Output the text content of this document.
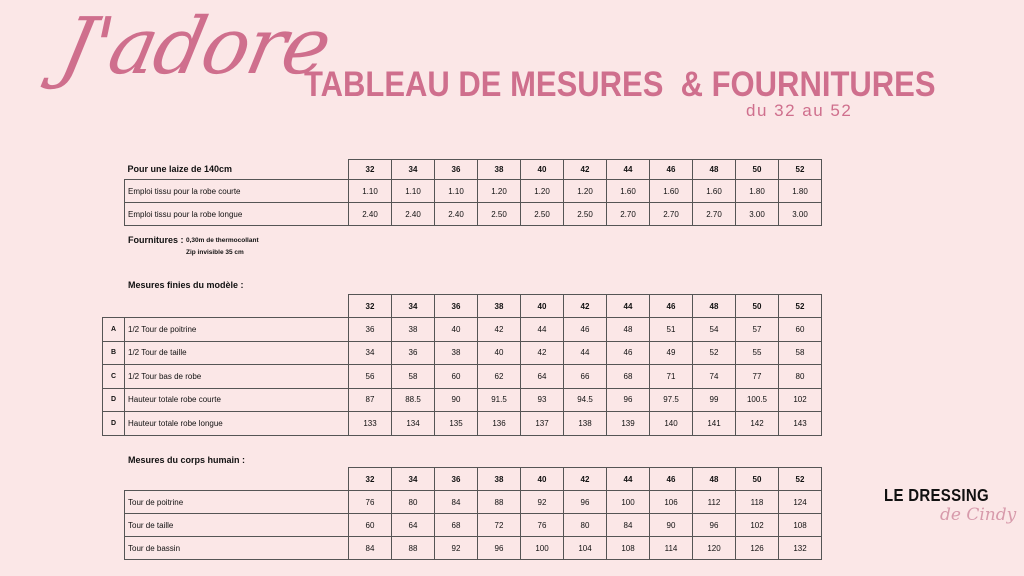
J'adore
TABLEAU DE MESURES  & FOURNITURES
du 32 au 52
Pour une laize de 140cm	32	34	36	38	40	42	44	46	48	50	52
Emploi tissu pour la robe courte	1.10	1.10	1.10	1.20	1.20	1.20	1.60	1.60	1.60	1.80	1.80
Emploi tissu pour la robe longue	2.40	2.40	2.40	2.50	2.50	2.50	2.70	2.70	2.70	3.00	3.00
Fournitures : 0,30m de thermocollant
Zip invisible 35 cm
Mesures finies du modèle :
		32	34	36	38	40	42	44	46	48	50	52
A	1/2 Tour de poitrine	36	38	40	42	44	46	48	51	54	57	60
B	1/2 Tour de taille	34	36	38	40	42	44	46	49	52	55	58
C	1/2 Tour bas de robe	56	58	60	62	64	66	68	71	74	77	80
D	Hauteur totale robe courte	87	88.5	90	91.5	93	94.5	96	97.5	99	100.5	102
D	Hauteur totale robe longue	133	134	135	136	137	138	139	140	141	142	143
Mesures du corps humain :
	32	34	36	38	40	42	44	46	48	50	52
Tour de poitrine	76	80	84	88	92	96	100	106	112	118	124
Tour de taille	60	64	68	72	76	80	84	90	96	102	108
Tour de bassin	84	88	92	96	100	104	108	114	120	126	132
LE DRESSING
de Cindy
